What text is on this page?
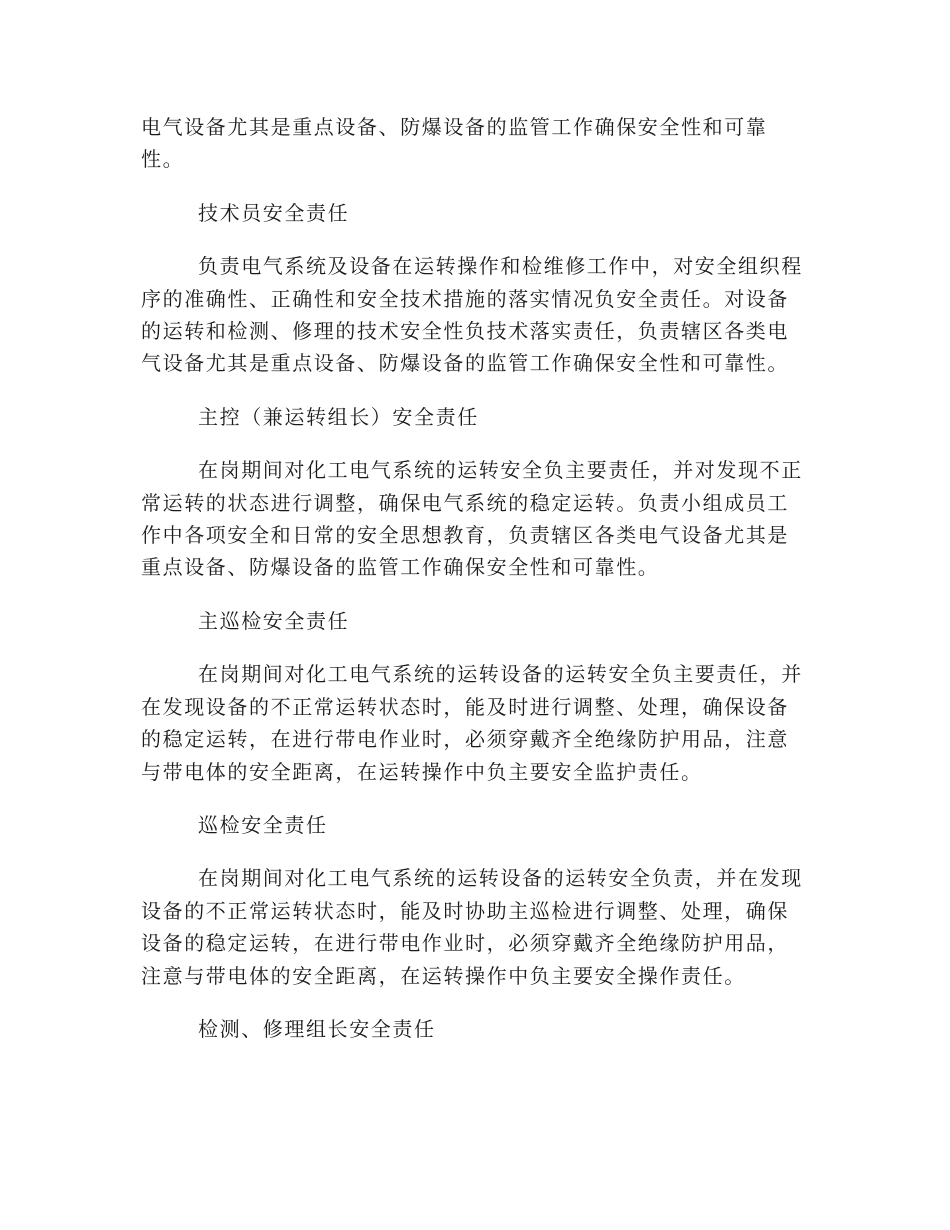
电气设备尤其是重点设备、防爆设备的监管工作确保安全性和可靠
性。

技术员安全责任

负责电气系统及设备在运转操作和检维修工作中，对安全组织程
序的准确性、正确性和安全技术措施的落实情况负安全责任。对设备
的运转和检测、修理的技术安全性负技术落实责任，负责辖区各类电
气设备尤其是重点设备、防爆设备的监管工作确保安全性和可靠性。

主控（兼运转组长）安全责任

在岗期间对化工电气系统的运转安全负主要责任，并对发现不正
常运转的状态进行调整，确保电气系统的稳定运转。负责小组成员工
作中各项安全和日常的安全思想教育，负责辖区各类电气设备尤其是
重点设备、防爆设备的监管工作确保安全性和可靠性。

主巡检安全责任

在岗期间对化工电气系统的运转设备的运转安全负主要责任，并
在发现设备的不正常运转状态时，能及时进行调整、处理，确保设备
的稳定运转，在进行带电作业时，必须穿戴齐全绝缘防护用品，注意
与带电体的安全距离，在运转操作中负主要安全监护责任。

巡检安全责任

在岗期间对化工电气系统的运转设备的运转安全负责，并在发现
设备的不正常运转状态时，能及时协助主巡检进行调整、处理，确保
设备的稳定运转，在进行带电作业时，必须穿戴齐全绝缘防护用品，
注意与带电体的安全距离，在运转操作中负主要安全操作责任。

检测、修理组长安全责任
